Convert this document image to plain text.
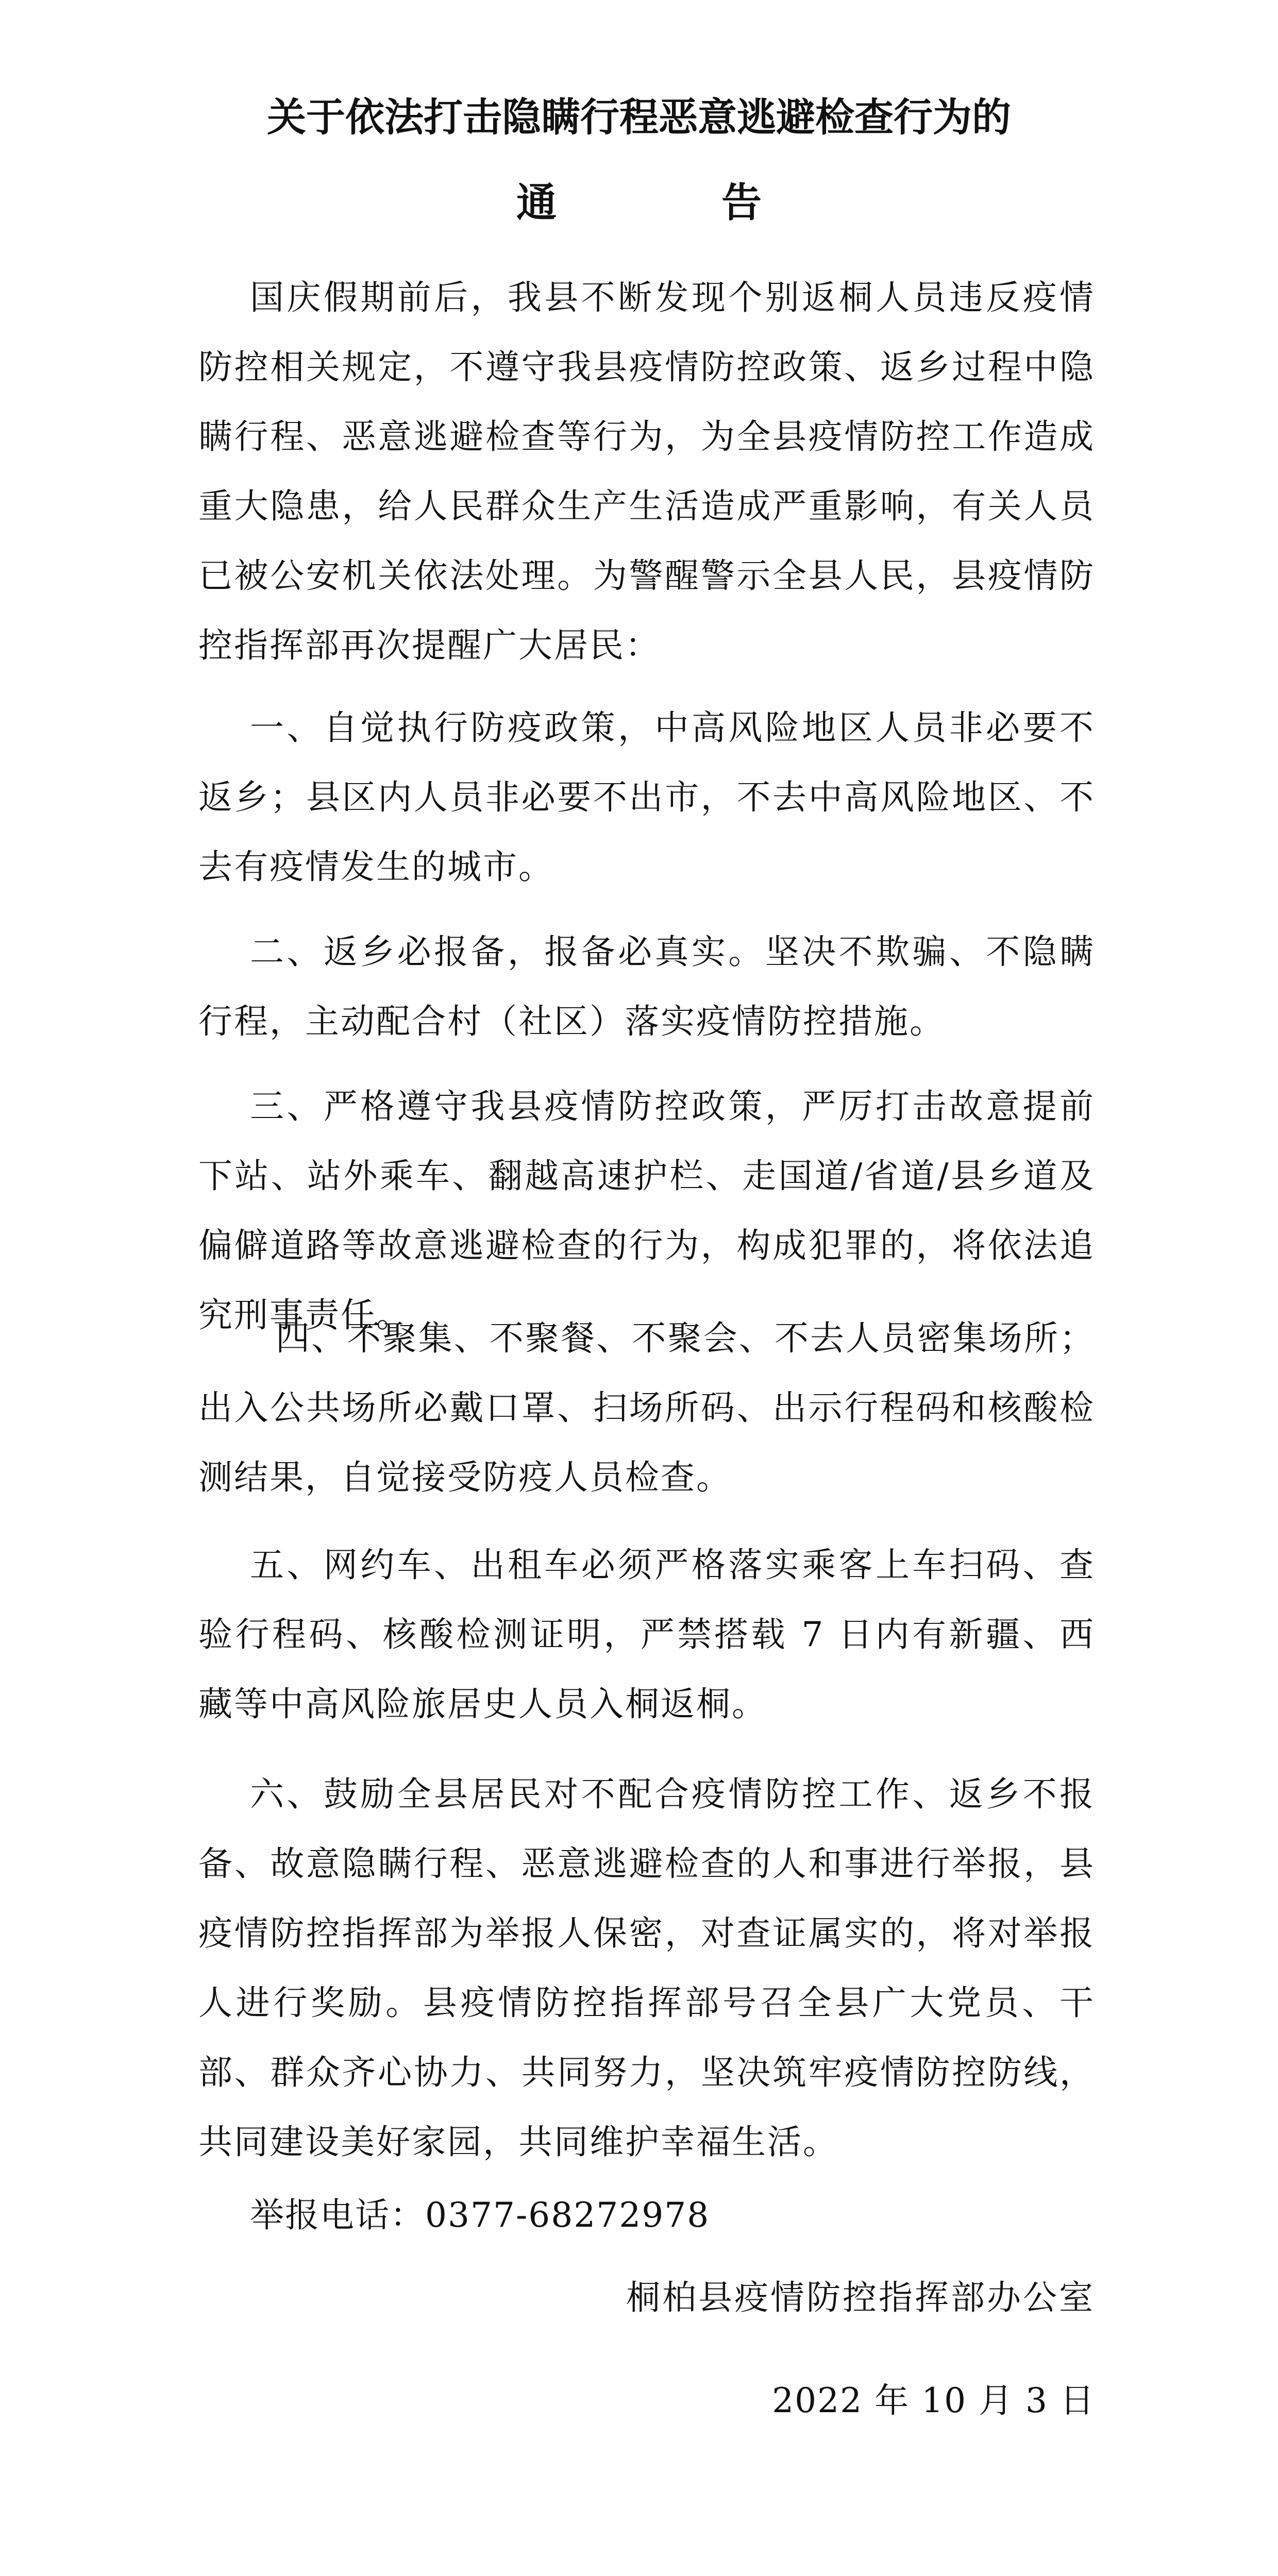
关于依法打击隐瞒行程恶意逃避检查行为的
通告

国庆假期前后，我县不断发现个别返桐人员违反疫情防控相关规定，不遵守我县疫情防控政策、返乡过程中隐瞒行程、恶意逃避检查等行为，为全县疫情防控工作造成重大隐患，给人民群众生产生活造成严重影响，有关人员已被公安机关依法处理。为警醒警示全县人民，县疫情防控指挥部再次提醒广大居民：

一、自觉执行防疫政策，中高风险地区人员非必要不返乡；县区内人员非必要不出市，不去中高风险地区、不去有疫情发生的城市。

二、返乡必报备，报备必真实。坚决不欺骗、不隐瞒行程，主动配合村（社区）落实疫情防控措施。

三、严格遵守我县疫情防控政策，严厉打击故意提前下站、站外乘车、翻越高速护栏、走国道/省道/县乡道及偏僻道路等故意逃避检查的行为，构成犯罪的，将依法追究刑事责任。

四、不聚集、不聚餐、不聚会、不去人员密集场所；出入公共场所必戴口罩、扫场所码、出示行程码和核酸检测结果，自觉接受防疫人员检查。

五、网约车、出租车必须严格落实乘客上车扫码、查验行程码、核酸检测证明，严禁搭载 7 日内有新疆、西藏等中高风险旅居史人员入桐返桐。

六、鼓励全县居民对不配合疫情防控工作、返乡不报备、故意隐瞒行程、恶意逃避检查的人和事进行举报，县疫情防控指挥部为举报人保密，对查证属实的，将对举报人进行奖励。县疫情防控指挥部号召全县广大党员、干部、群众齐心协力、共同努力，坚决筑牢疫情防控防线，共同建设美好家园，共同维护幸福生活。

举报电话：0377-68272978
桐柏县疫情防控指挥部办公室
2022 年 10 月 3 日
